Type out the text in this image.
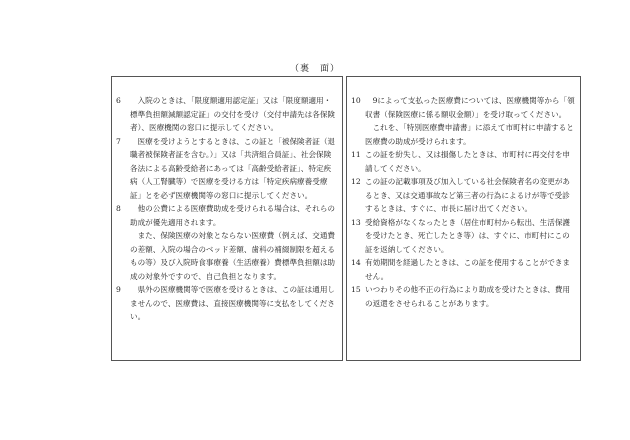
（裏　面）
6	入院のときは、「限度額適用認定証」又は「限度額適用・標準負担額減額認定証」の交付を受け（交付申請先は各保険者）、医療機関の窓口に提示してください。
7	医療を受けようとするときは、この証と「被保険者証（退職者被保険者証を含む。）」又は「共済組合員証」、社会保険各法による高齢受給者にあっては「高齢受給者証」、特定疾病（人工腎臓等）で医療を受ける方は「特定疾病療養受療証」とを必ず医療機関等の窓口に提示してください。
8	他の公費による医療費助成を受けられる場合は、それらの助成が優先適用されます。
また、保険医療の対象とならない医療費（例えば、交通費の差額、入院の場合のベッド差額、歯科の補綴制限を超えるもの等）及び入院時食事療養（生活療養）費標準負担額は助成の対象外ですので、自己負担となります。
9	県外の医療機関等で医療を受けるときは、この証は通用しませんので、医療費は、直接医療機関等に支払をしてください。
10	9によって支払った医療費については、医療機関等から「領収書（保険医療に係る額収金額）」を受け取ってください。
これを、「特別医療費申請書」に添えて市町村に申請すると医療費の助成が受けられます。
11 この証を紛失し、又は損傷したときは、市町村に再交付を申請してください。
12 この証の記載事項及び加入している社会保険者名の変更があるとき、又は交通事故など第三者の行為によるけが等で受診するときは、すぐに、市長に届け出てください。
13 受給資格がなくなったとき（居住市町村から転出、生活保護を受けたとき、死亡したとき等）は、すぐに、市町村にこの証を返納してください。
14 有効期間を経過したときは、この証を使用することができません。
15 いつわりその他不正の行為により助成を受けたときは、費用の返還をさせられることがあります。
